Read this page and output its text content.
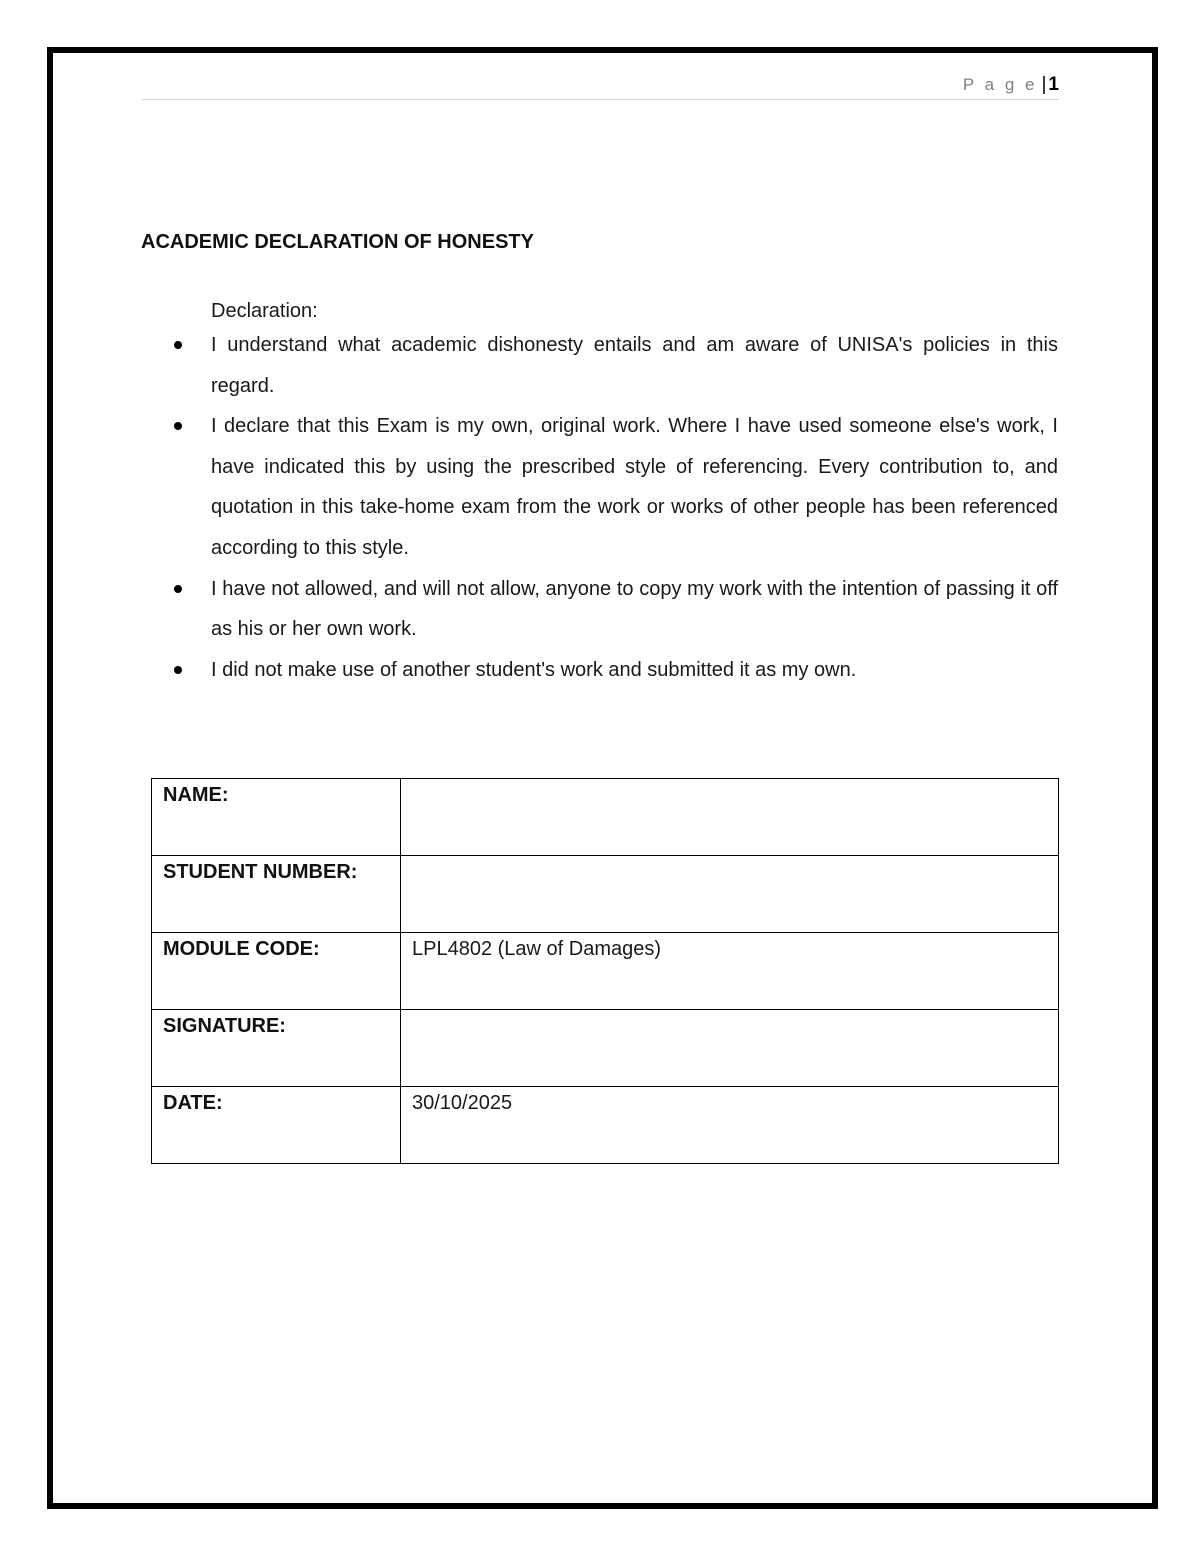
P a g e | 1
ACADEMIC DECLARATION OF HONESTY

Declaration:

I understand what academic dishonesty entails and am aware of UNISA's policies in this regard.
I declare that this Exam is my own, original work. Where I have used someone else's work, I have indicated this by using the prescribed style of referencing. Every contribution to, and quotation in this take-home exam from the work or works of other people has been referenced according to this style.
I have not allowed, and will not allow, anyone to copy my work with the intention of passing it off as his or her own work.
I did not make use of another student's work and submitted it as my own.
NAME:	
STUDENT NUMBER:	
MODULE CODE:	LPL4802 (Law of Damages)
SIGNATURE:	
DATE:	30/10/2025
